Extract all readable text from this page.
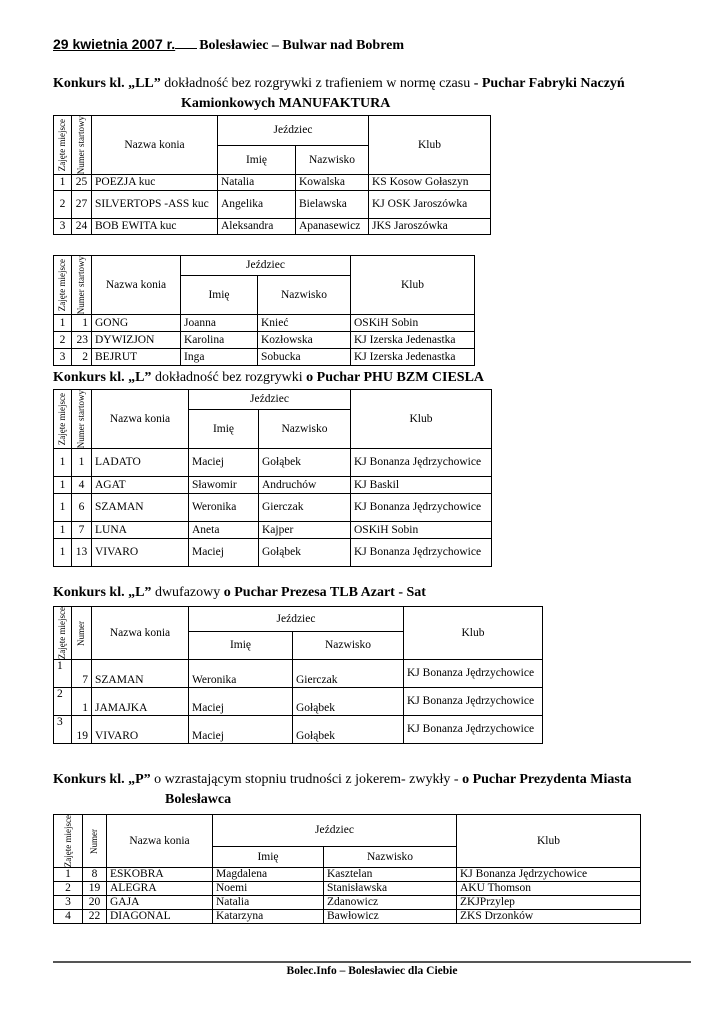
29 kwietnia 2007 r. Bolesławiec – Bulwar nad Bobrem
Konkurs kl. „LL” dokładność bez rozgrywki z trafieniem w normę czasu - Puchar Fabryki Naczyń
Kamionkowych MANUFAKTURA
Zajęte miejsce	Numer startowy	Nazwa konia	Jeździec		Klub
			Imię	Nazwisko	
1	25	POEZJA kuc	Natalia	Kowalska	KS Kosow Gołaszyn
2	27	SILVERTOPS -ASS kuc	Angelika	Bielawska	KJ OSK Jaroszówka
3	24	BOB EWITA kuc	Aleksandra	Apanasewicz	JKS Jaroszówka
Zajęte miejsce	Numer startowy	Nazwa konia	Jeździec		Klub
			Imię	Nazwisko	
1	1	GONG	Joanna	Knieć	OSKiH Sobin
2	23	DYWIZJON	Karolina	Kozłowska	KJ Izerska Jedenastka
3	2	BEJRUT	Inga	Sobucka	KJ Izerska Jedenastka
Konkurs kl. „L” dokładność bez rozgrywki o Puchar PHU BZM CIESLA
Zajęte miejsce	Numer startowy	Nazwa konia	Jeździec		Klub
			Imię	Nazwisko	
1	1	LADATO	Maciej	Gołąbek	KJ Bonanza Jędrzychowice
1	4	AGAT	Sławomir	Andruchów	KJ Baskil
1	6	SZAMAN	Weronika	Gierczak	KJ Bonanza Jędrzychowice
1	7	LUNA	Aneta	Kajper	OSKiH Sobin
1	13	VIVARO	Maciej	Gołąbek	KJ Bonanza Jędrzychowice
Konkurs kl. „L” dwufazowy o Puchar Prezesa TLB Azart - Sat
Zajęte miejsce	Numer	Nazwa konia	Jeździec		Klub
			Imię	Nazwisko	
1	7	SZAMAN	Weronika	Gierczak	KJ Bonanza Jędrzychowice
2	1	JAMAJKA	Maciej	Gołąbek	KJ Bonanza Jędrzychowice
3	19	VIVARO	Maciej	Gołąbek	KJ Bonanza Jędrzychowice
Konkurs kl. „P” o wzrastającym stopniu trudności z jokerem- zwykły - o Puchar Prezydenta Miasta
Bolesławca
Zajęte miejsce	Numer	Nazwa konia	Jeździec		Klub
			Imię	Nazwisko	
1	8	ESKOBRA	Magdalena	Kasztelan	KJ Bonanza Jędrzychowice
2	19	ALEGRA	Noemi	Stanisławska	AKU Thomson
3	20	GAJA	Natalia	Zdanowicz	ZKJPrzylep
4	22	DIAGONAL	Katarzyna	Bawłowicz	ZKS Drzonków
Bolec.Info – Bolesławiec dla Ciebie
